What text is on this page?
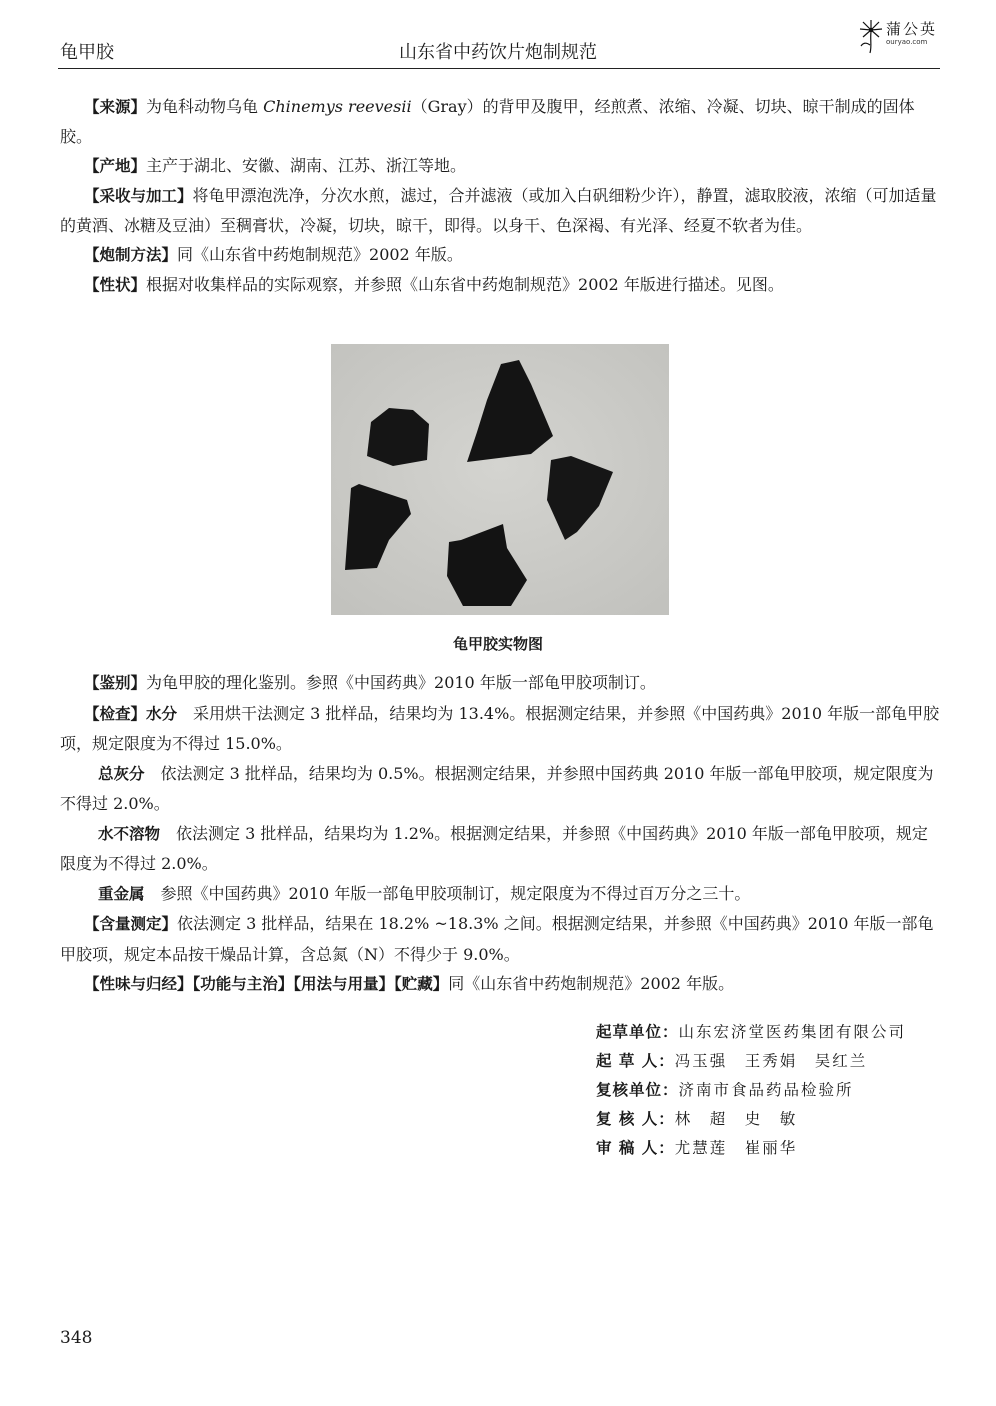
龟甲胶	山东省中药饮片炮制规范
蒲公英
ouryao.com

【来源】为龟科动物乌龟 Chinemys reevesii（Gray）的背甲及腹甲，经煎煮、浓缩、冷凝、切块、晾干制成的固体胶。

【产地】主产于湖北、安徽、湖南、江苏、浙江等地。

【采收与加工】将龟甲漂泡洗净，分次水煎，滤过，合并滤液（或加入白矾细粉少许），静置，滤取胶液，浓缩（可加适量的黄酒、冰糖及豆油）至稠膏状，冷凝，切块，晾干，即得。以身干、色深褐、有光泽、经夏不软者为佳。

【炮制方法】同《山东省中药炮制规范》2002 年版。

【性状】根据对收集样品的实际观察，并参照《山东省中药炮制规范》2002 年版进行描述。见图。

龟甲胶实物图

【鉴别】为龟甲胶的理化鉴别。参照《中国药典》2010 年版一部龟甲胶项制订。

【检查】水分　采用烘干法测定 3 批样品，结果均为 13.4%。根据测定结果，并参照《中国药典》2010 年版一部龟甲胶项，规定限度为不得过 15.0%。

总灰分　依法测定 3 批样品，结果均为 0.5%。根据测定结果，并参照中国药典 2010 年版一部龟甲胶项，规定限度为不得过 2.0%。

水不溶物　依法测定 3 批样品，结果均为 1.2%。根据测定结果，并参照《中国药典》2010 年版一部龟甲胶项，规定限度为不得过 2.0%。

重金属　参照《中国药典》2010 年版一部龟甲胶项制订，规定限度为不得过百万分之三十。

【含量测定】依法测定 3 批样品，结果在 18.2% ~18.3% 之间。根据测定结果，并参照《中国药典》2010 年版一部龟甲胶项，规定本品按干燥品计算，含总氮（N）不得少于 9.0%。

【性味与归经】【功能与主治】【用法与用量】【贮藏】同《山东省中药炮制规范》2002 年版。

起草单位：山东宏济堂医药集团有限公司
起 草 人：冯玉强　王秀娟　吴红兰
复核单位：济南市食品药品检验所
复 核 人：林　超　史　敏
审 稿 人：尤慧莲　崔丽华
348
